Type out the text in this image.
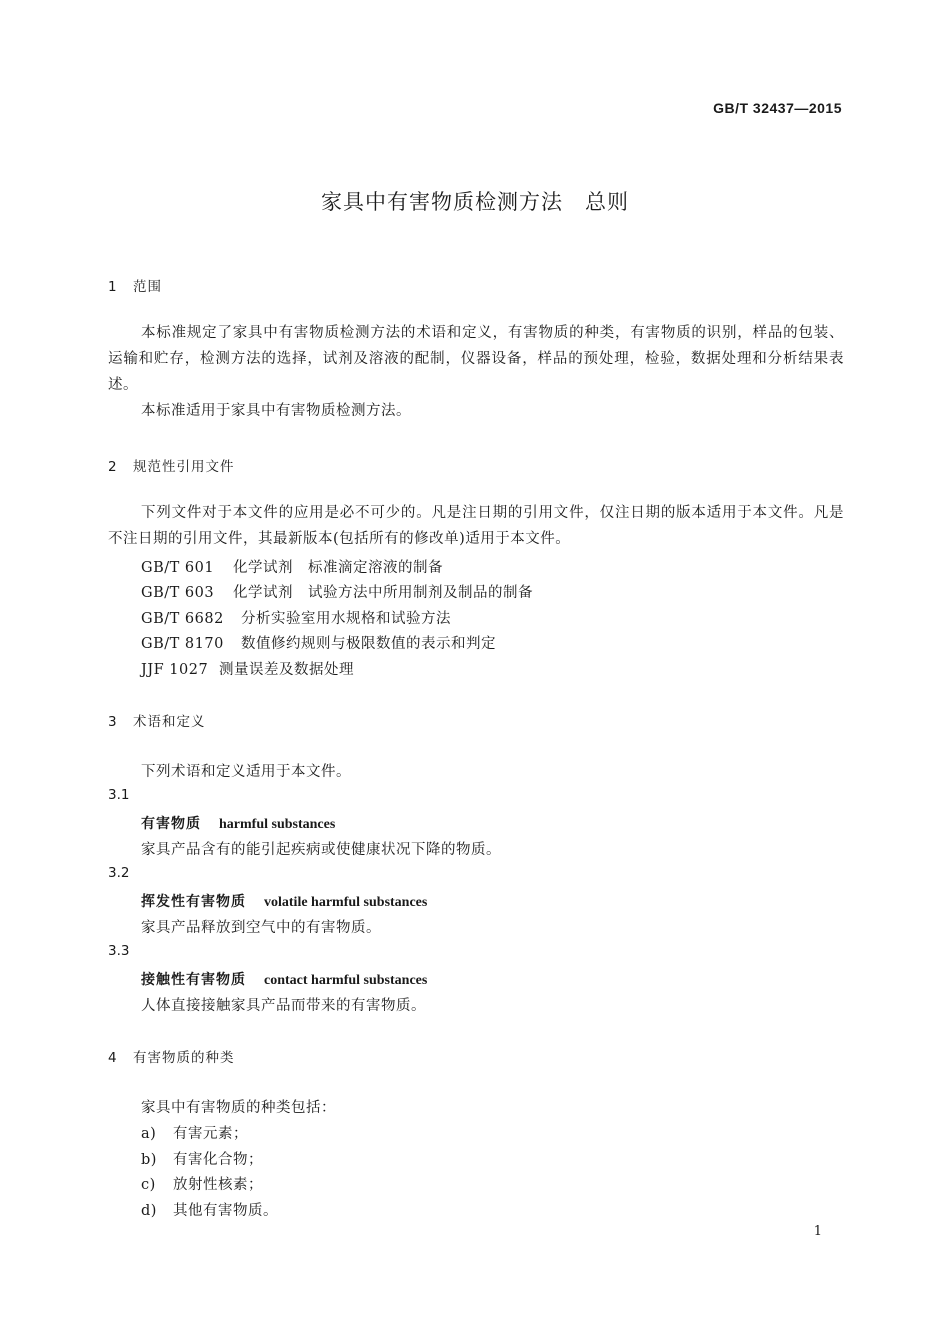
GB/T 32437—2015
家具中有害物质检测方法　总则
1 范围

本标准规定了家具中有害物质检测方法的术语和定义，有害物质的种类，有害物质的识别，样品的包装、运输和贮存，检测方法的选择，试剂及溶液的配制，仪器设备，样品的预处理，检验，数据处理和分析结果表述。

本标准适用于家具中有害物质检测方法。

2 规范性引用文件

下列文件对于本文件的应用是必不可少的。凡是注日期的引用文件，仅注日期的版本适用于本文件。凡是不注日期的引用文件，其最新版本(包括所有的修改单)适用于本文件。

GB/T 601 化学试剂　标准滴定溶液的制备
GB/T 603 化学试剂　试验方法中所用制剂及制品的制备
GB/T 6682 分析实验室用水规格和试验方法
GB/T 8170 数值修约规则与极限数值的表示和判定
JJF 1027 测量误差及数据处理
3 术语和定义
下列术语和定义适用于本文件。
3.1
有害物质 harmful substances
家具产品含有的能引起疾病或使健康状况下降的物质。
3.2
挥发性有害物质 volatile harmful substances
家具产品释放到空气中的有害物质。
3.3
接触性有害物质 contact harmful substances
人体直接接触家具产品而带来的有害物质。
4 有害物质的种类
家具中有害物质的种类包括：
a) 有害元素；
b) 有害化合物；
c) 放射性核素；
d) 其他有害物质。
1
